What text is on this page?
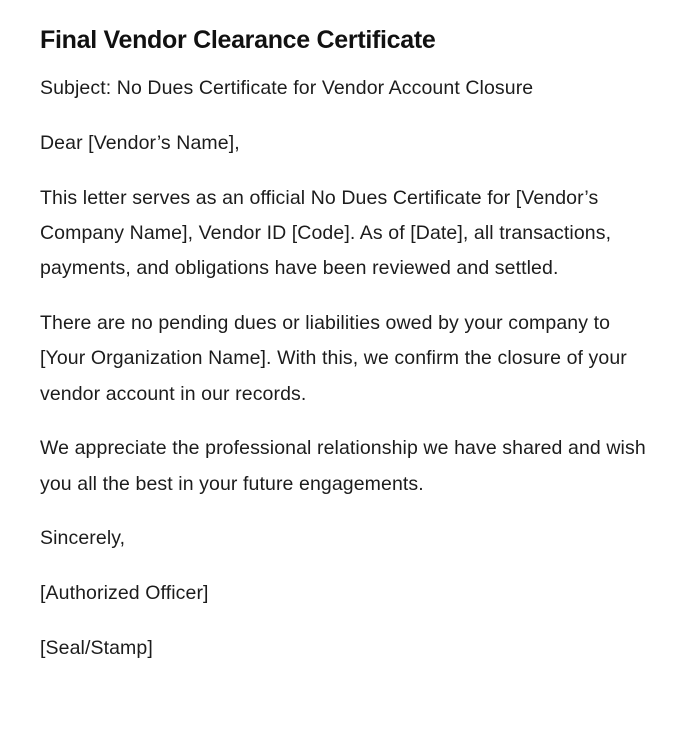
Final Vendor Clearance Certificate

Subject: No Dues Certificate for Vendor Account Closure

Dear [Vendor’s Name],

This letter serves as an official No Dues Certificate for [Vendor’s Company Name], Vendor ID [Code]. As of [Date], all transactions, payments, and obligations have been reviewed and settled.

There are no pending dues or liabilities owed by your company to [Your Organization Name]. With this, we confirm the closure of your vendor account in our records.

We appreciate the professional relationship we have shared and wish you all the best in your future engagements.

Sincerely,

[Authorized Officer]

[Seal/Stamp]
